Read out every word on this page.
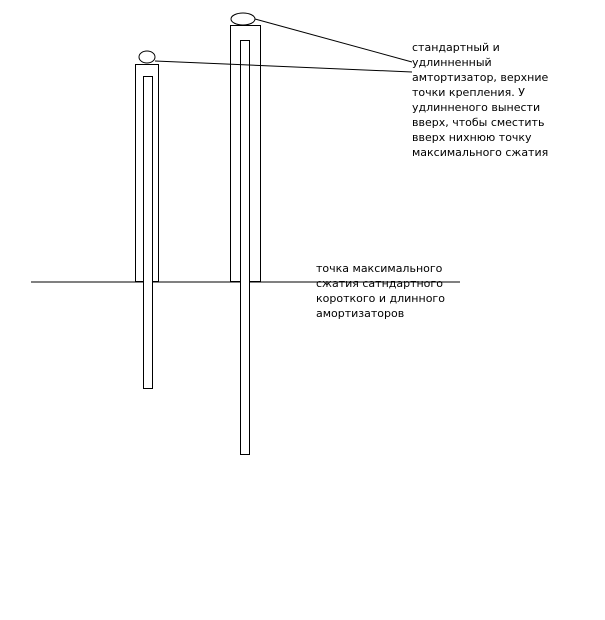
стандартный и
удлинненный
амтортизатор, верхние
точки крепления. У
удлинненого вынести
вверх, чтобы сместить
вверх нихнюю точку
максимального сжатия

точка максимального
сжатия сатндартного
короткого и длинного
амортизаторов
